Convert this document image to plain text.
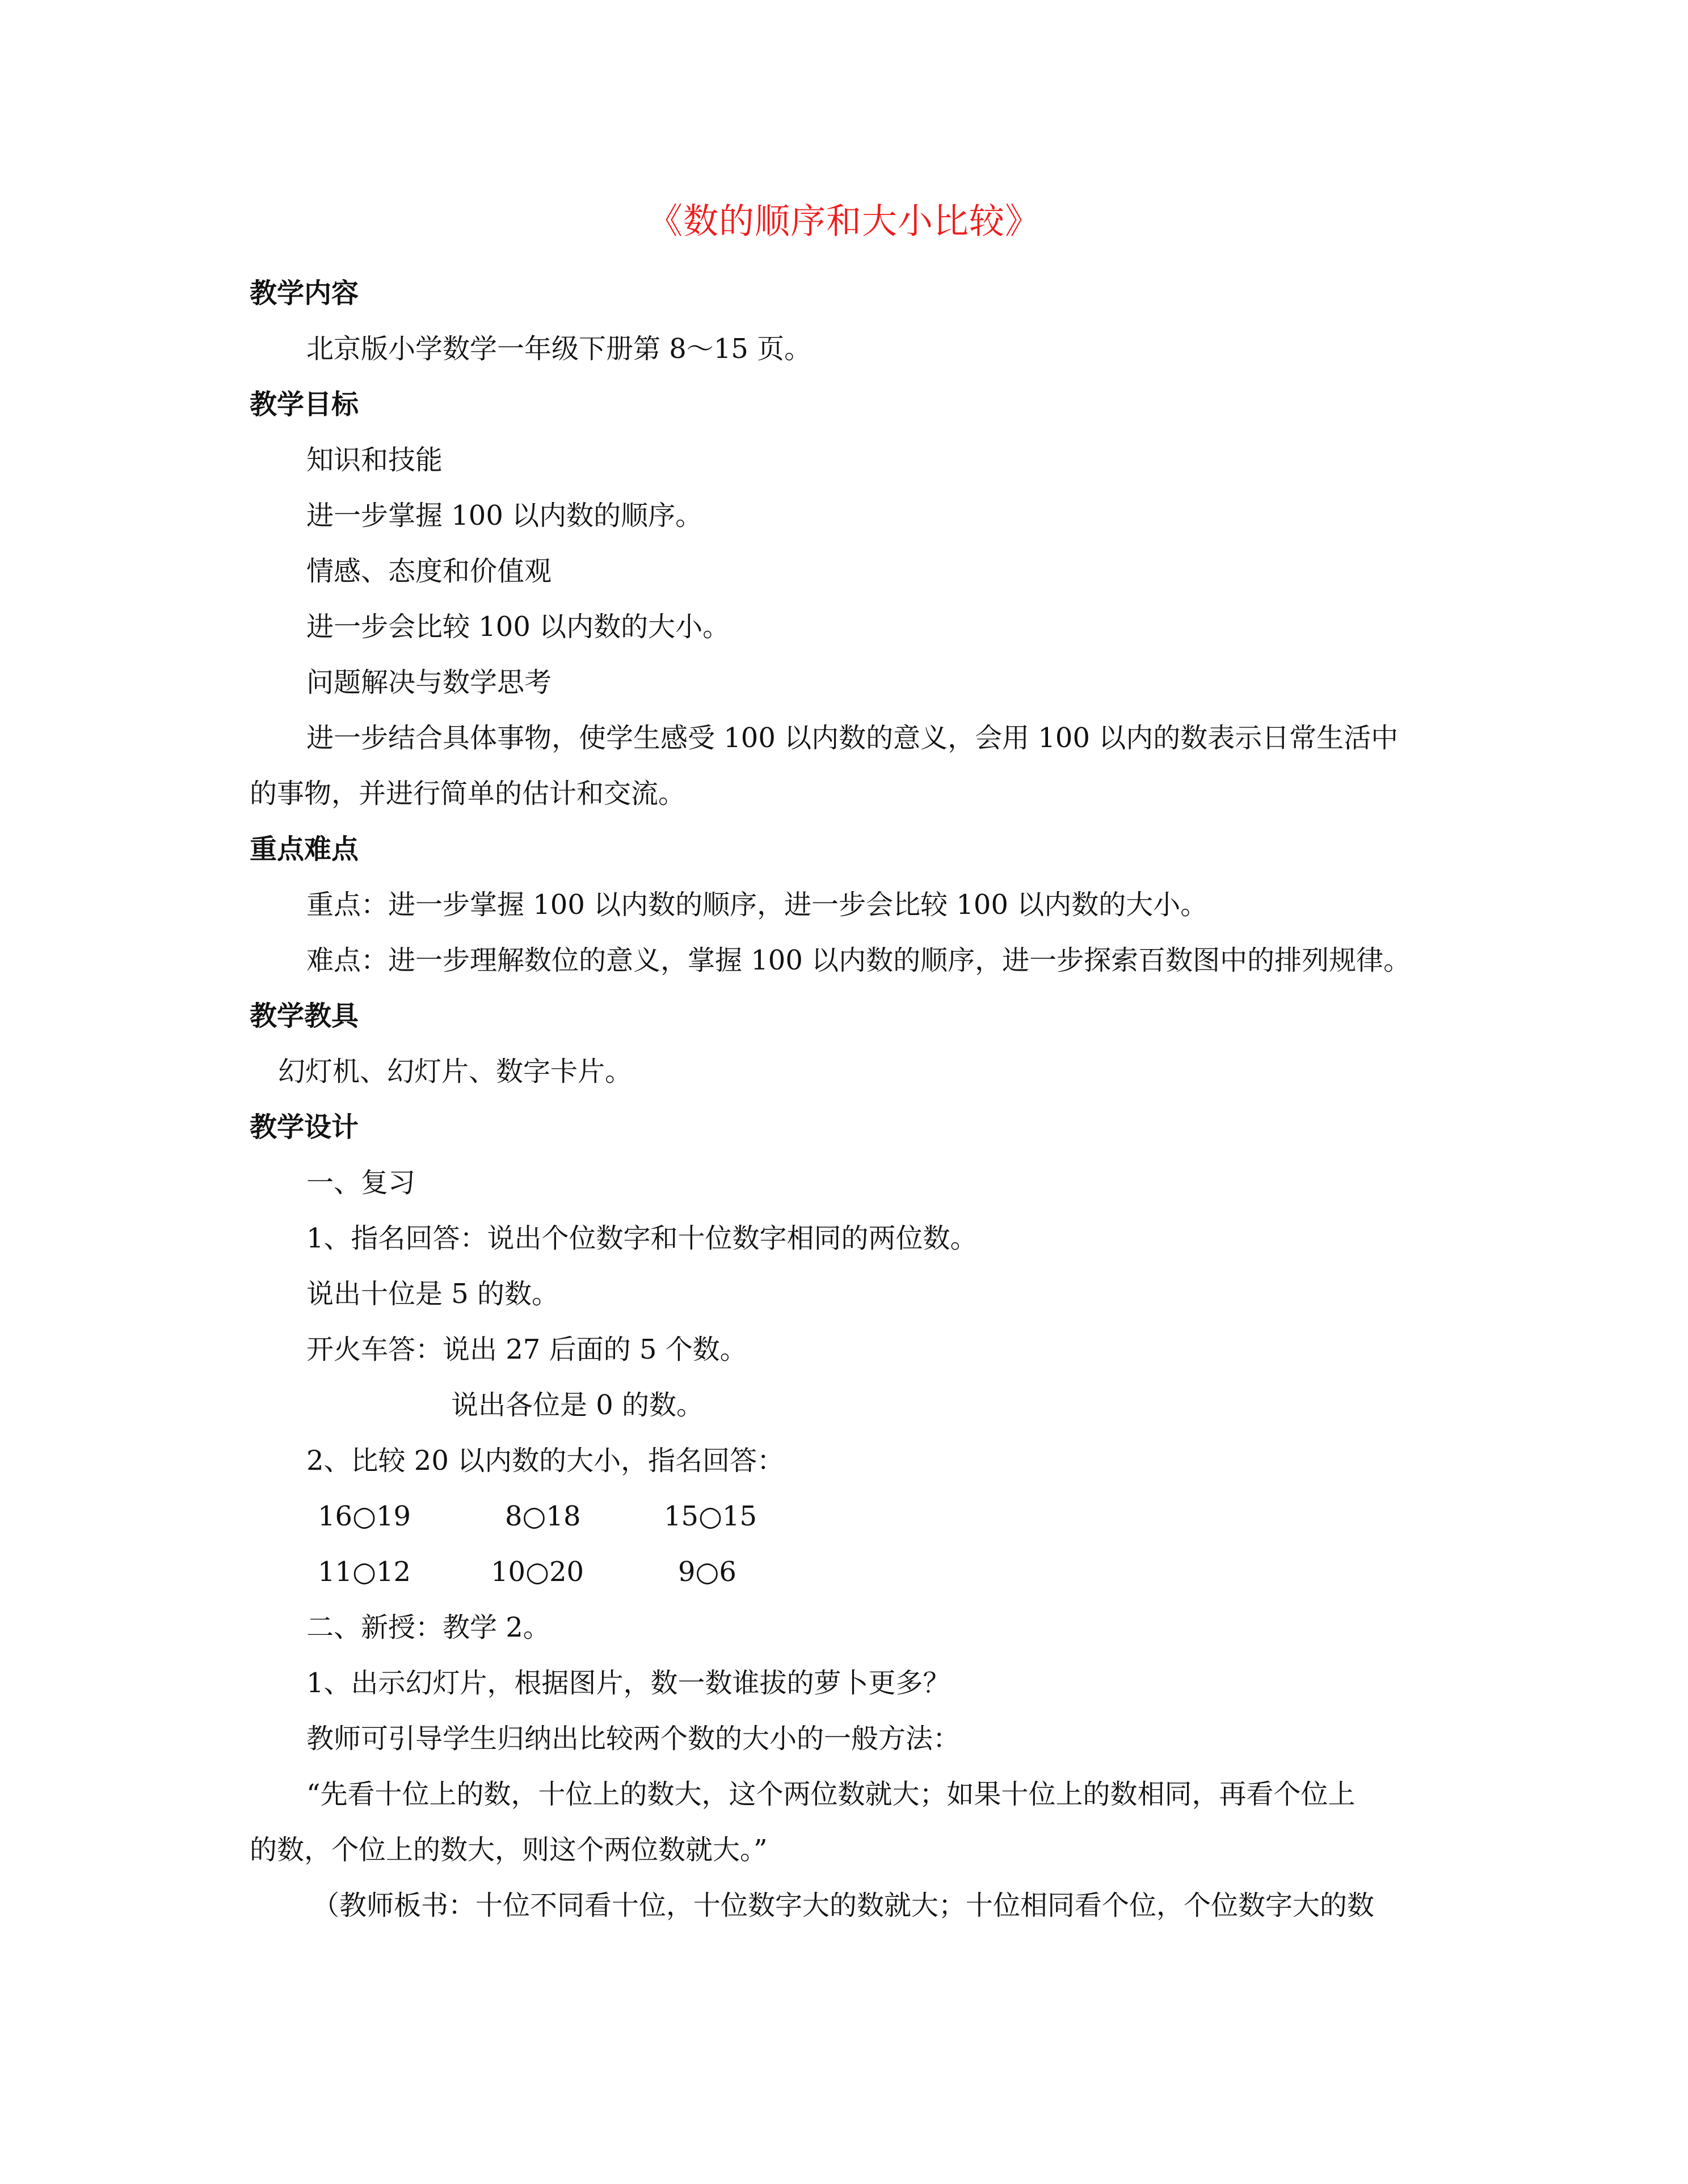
《数的顺序和大小比较》
教学内容
北京版小学数学一年级下册第 8～15 页。
教学目标
知识和技能
进一步掌握 100 以内数的顺序。
情感、态度和价值观
进一步会比较 100 以内数的大小。
问题解决与数学思考
进一步结合具体事物，使学生感受 100 以内数的意义，会用 100 以内的数表示日常生活中
的事物，并进行简单的估计和交流。
重点难点
重点：进一步掌握 100 以内数的顺序，进一步会比较 100 以内数的大小。
难点：进一步理解数位的意义，掌握 100 以内数的顺序，进一步探索百数图中的排列规律。
教学教具
幻灯机、幻灯片、数字卡片。
教学设计
一、复习
1、指名回答：说出个位数字和十位数字相同的两位数。
说出十位是 5 的数。
开火车答：说出 27 后面的 5 个数。
说出各位是 0 的数。
2、比较 20 以内数的大小，指名回答：
16○19	8○18	15○15
11○12	10○20	9○6
二、新授：教学 2。
1、出示幻灯片，根据图片，数一数谁拔的萝卜更多？
教师可引导学生归纳出比较两个数的大小的一般方法：
“先看十位上的数，十位上的数大，这个两位数就大；如果十位上的数相同，再看个位上
的数，个位上的数大，则这个两位数就大。”
（教师板书：十位不同看十位，十位数字大的数就大；十位相同看个位，个位数字大的数
